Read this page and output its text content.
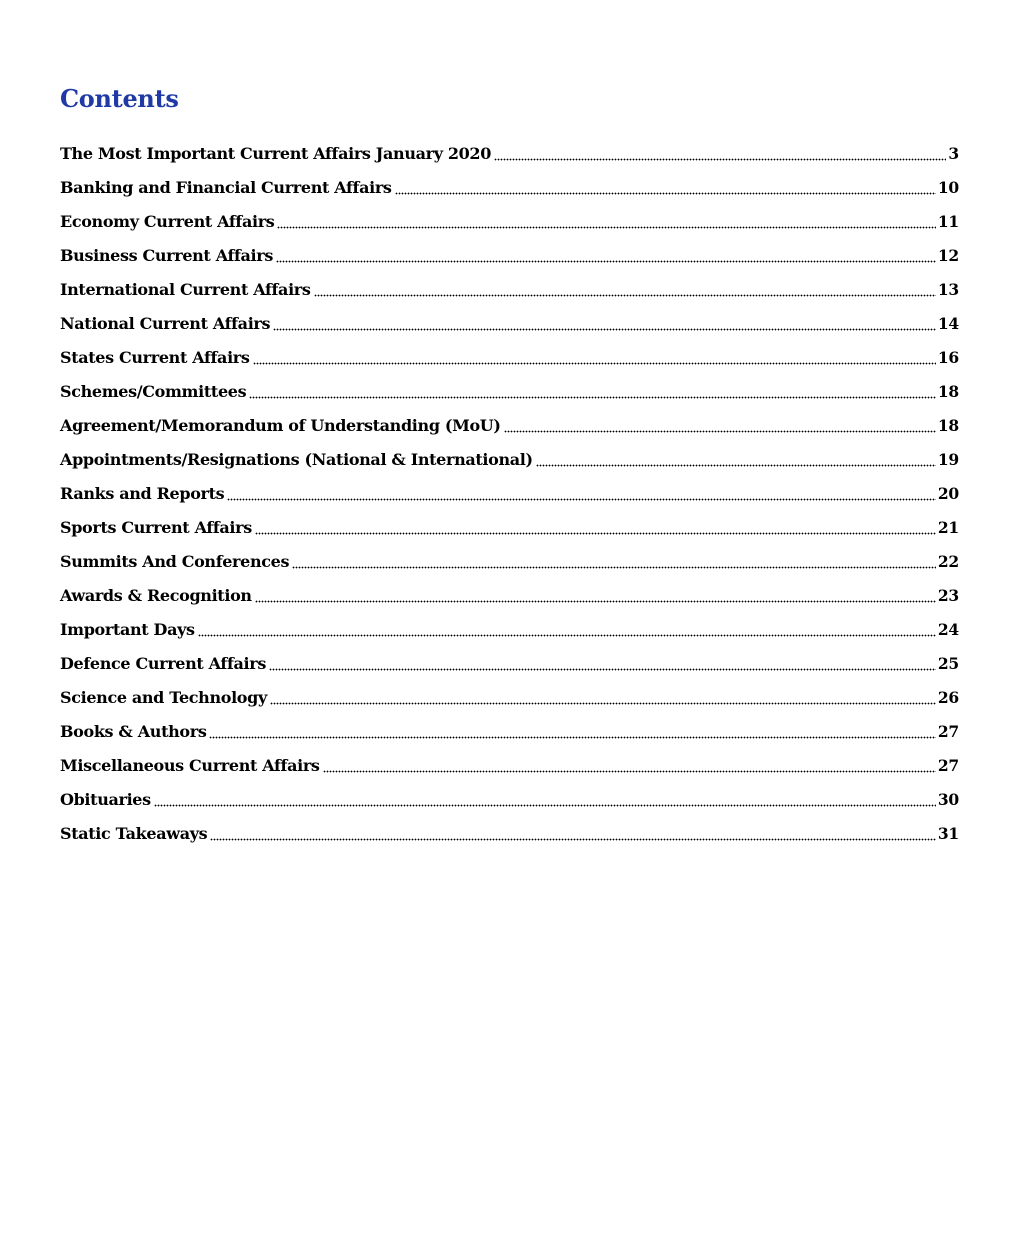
Contents
The Most Important Current Affairs January 2020	3
Banking and Financial Current Affairs	10
Economy Current Affairs	11
Business Current Affairs	12
International Current Affairs	13
National Current Affairs	14
States Current Affairs	16
Schemes/Committees	18
Agreement/Memorandum of Understanding (MoU)	18
Appointments/Resignations (National & International)	19
Ranks and Reports	20
Sports Current Affairs	21
Summits And Conferences	22
Awards & Recognition	23
Important Days	24
Defence Current Affairs	25
Science and Technology	26
Books & Authors	27
Miscellaneous Current Affairs	27
Obituaries	30
Static Takeaways	31
